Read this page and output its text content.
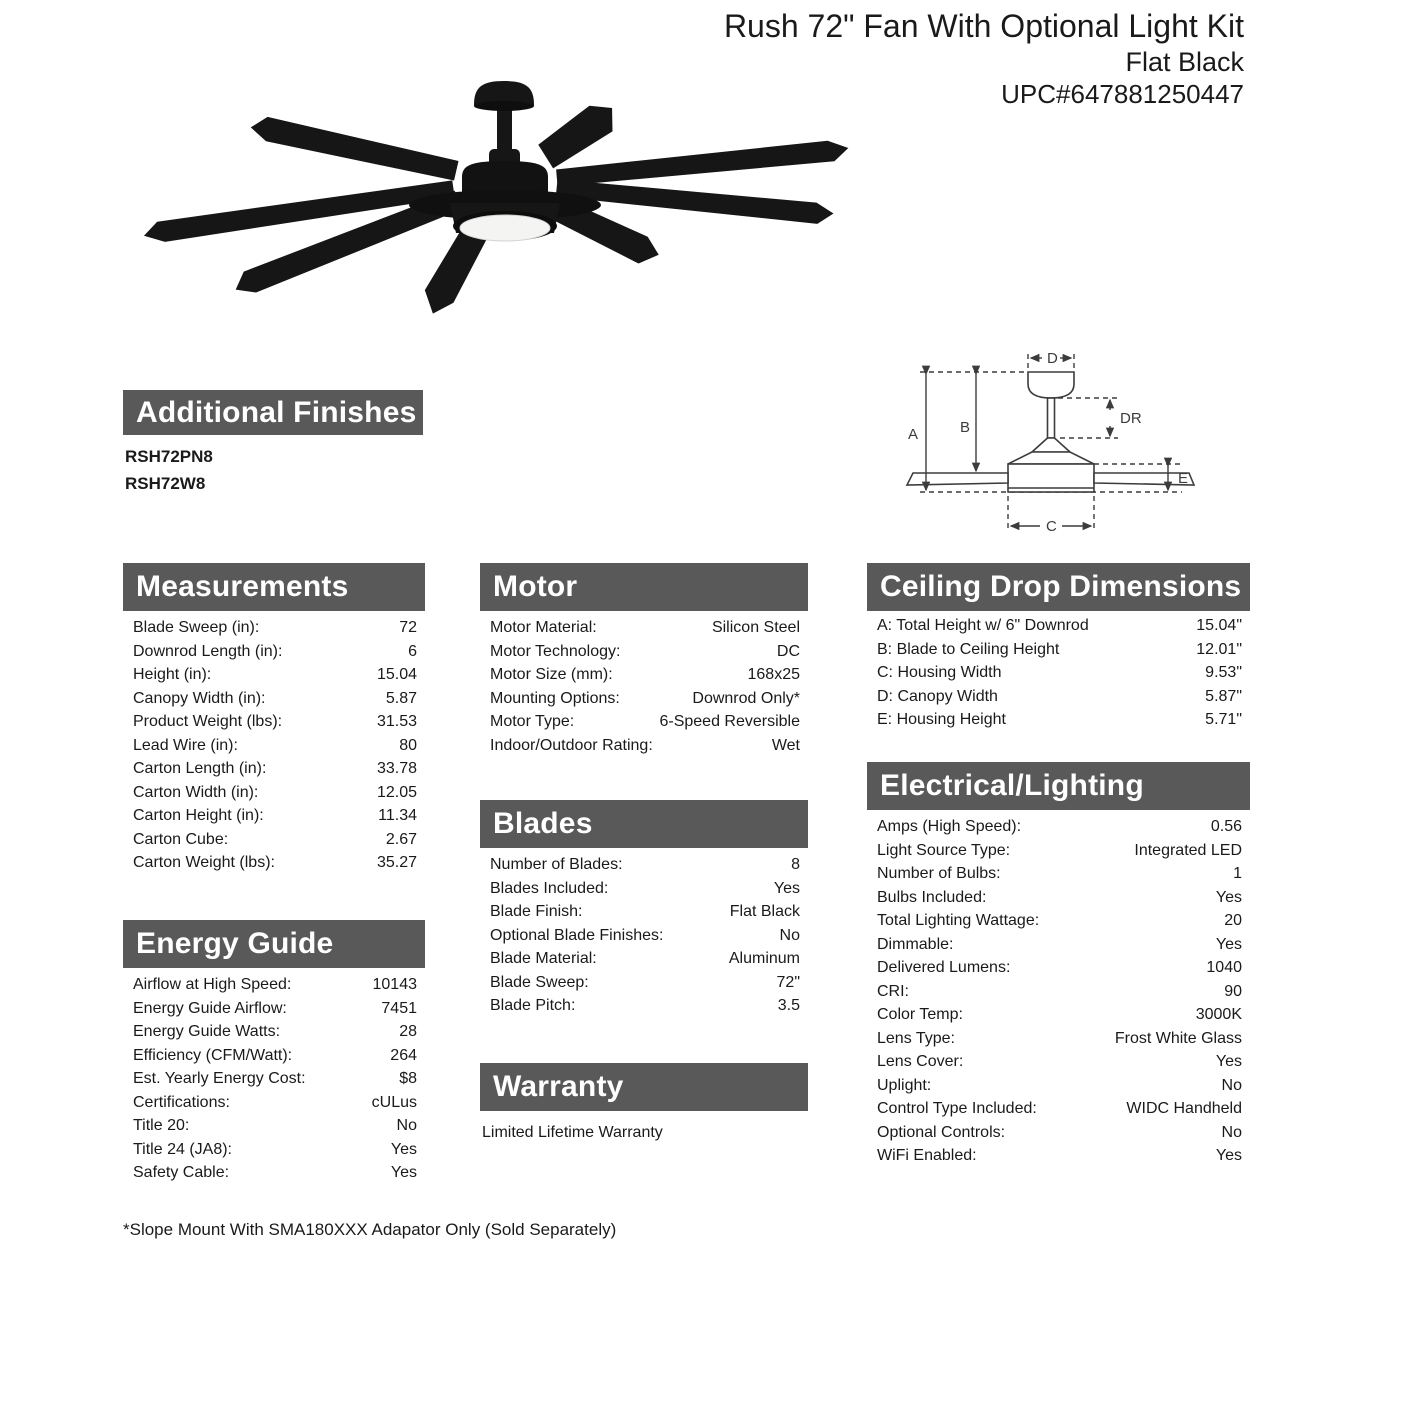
Rush 72" Fan With Optional Light Kit
Flat Black
UPC#647881250447
D
DR
A	B
E
C
Additional Finishes
RSH72PN8
RSH72W8
Measurements
Blade Sweep (in):	72
Downrod Length (in):	6
Height (in):	15.04
Canopy Width (in):	5.87
Product Weight (lbs):	31.53
Lead Wire (in):	80
Carton Length (in):	33.78
Carton Width (in):	12.05
Carton Height (in):	11.34
Carton Cube:	2.67
Carton Weight (lbs):	35.27
Energy Guide
Airflow at High Speed:	10143
Energy Guide Airflow:	7451
Energy Guide Watts:	28
Efficiency (CFM/Watt):	264
Est. Yearly Energy Cost:	$8
Certifications:	cULus
Title 20:	No
Title 24 (JA8):	Yes
Safety Cable:	Yes
Motor
Motor Material:	Silicon Steel
Motor Technology:	DC
Motor Size (mm):	168x25
Mounting Options:	Downrod Only*
Motor Type:	6-Speed Reversible
Indoor/Outdoor Rating:	Wet
Blades
Number of Blades:	8
Blades Included:	Yes
Blade Finish:	Flat Black
Optional Blade Finishes:	No
Blade Material:	Aluminum
Blade Sweep:	72"
Blade Pitch:	3.5
Warranty
Limited Lifetime Warranty
Ceiling Drop Dimensions
A: Total Height w/ 6" Downrod	15.04"
B: Blade to Ceiling Height	12.01"
C: Housing Width	9.53"
D: Canopy Width	5.87"
E: Housing Height	5.71"
Electrical/Lighting
Amps (High Speed):	0.56
Light Source Type:	Integrated LED
Number of Bulbs:	1
Bulbs Included:	Yes
Total Lighting Wattage:	20
Dimmable:	Yes
Delivered Lumens:	1040
CRI:	90
Color Temp:	3000K
Lens Type:	Frost White Glass
Lens Cover:	Yes
Uplight:	No
Control Type Included:	WIDC Handheld
Optional Controls:	No
WiFi Enabled:	Yes
*Slope Mount With SMA180XXX Adapator Only (Sold Separately)
